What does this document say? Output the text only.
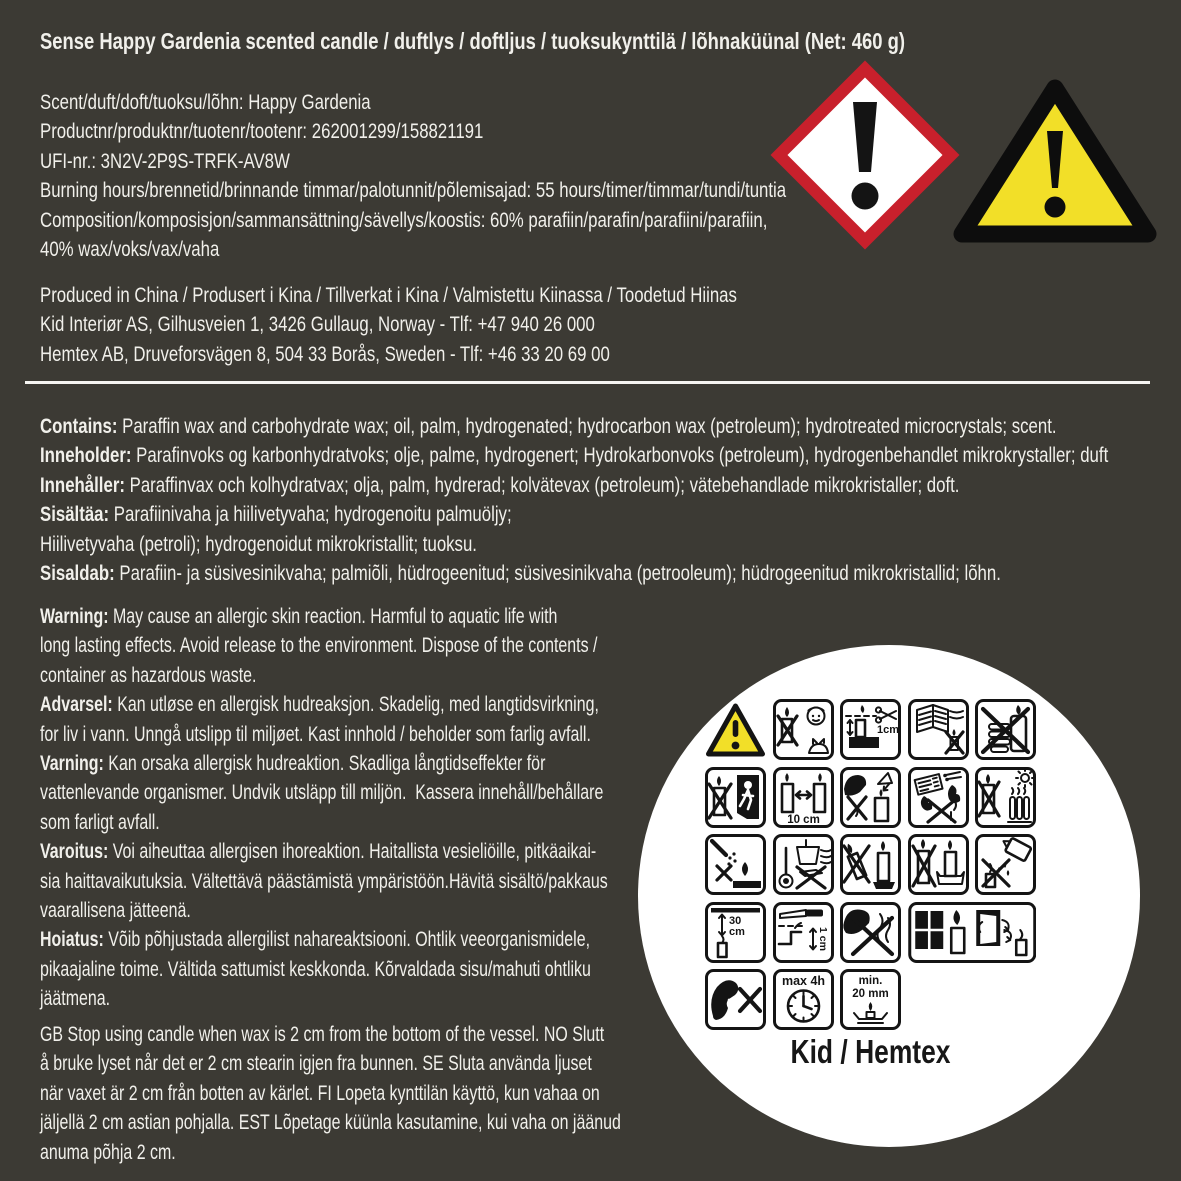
Sense Happy Gardenia scented candle / duftlys / doftljus / tuoksukynttilä / lõhnaküünal (Net: 460 g)
Scent/duft/doft/tuoksu/lõhn: Happy Gardenia
Productnr/produktnr/tuotenr/tootenr: 262001299/158821191
UFI-nr.: 3N2V-2P9S-TRFK-AV8W
Burning hours/brennetid/brinnande timmar/palotunnit/põlemisajad: 55 hours/timer/timmar/tundi/tuntia
Composition/komposisjon/sammansättning/sävellys/koostis: 60% parafiin/parafin/parafiini/parafiin,
40% wax/voks/vax/vaha
Produced in China / Produsert i Kina / Tillverkat i Kina / Valmistettu Kiinassa / Toodetud Hiinas
Kid Interiør AS, Gilhusveien 1, 3426 Gullaug, Norway - Tlf: +47 940 26 000
Hemtex AB, Druveforsvägen 8, 504 33 Borås, Sweden - Tlf: +46 33 20 69 00
Contains: Paraffin wax and carbohydrate wax; oil, palm, hydrogenated; hydrocarbon wax (petroleum); hydrotreated microcrystals; scent.
Inneholder: Parafinvoks og karbonhydratvoks; olje, palme, hydrogenert; Hydrokarbonvoks (petroleum), hydrogenbehandlet mikrokrystaller; duft
Innehåller: Paraffinvax och kolhydratvax; olja, palm, hydrerad; kolvätevax (petroleum); vätebehandlade mikrokristaller; doft.
Sisältäa: Parafiinivaha ja hiilivetyvaha; hydrogenoitu palmuöljy;
Hiilivetyvaha (petroli); hydrogenoidut mikrokristallit; tuoksu.
Sisaldab: Parafiin- ja süsivesinikvaha; palmiõli, hüdrogeenitud; süsivesinikvaha (petrooleum); hüdrogeenitud mikrokristallid; lõhn.
Warning: May cause an allergic skin reaction. Harmful to aquatic life with
long lasting effects. Avoid release to the environment. Dispose of the contents /
container as hazardous waste.
Advarsel: Kan utløse en allergisk hudreaksjon. Skadelig, med langtidsvirkning,
for liv i vann. Unngå utslipp til miljøet. Kast innhold / beholder som farlig avfall.
Varning: Kan orsaka allergisk hudreaktion. Skadliga långtidseffekter för
vattenlevande organismer. Undvik utsläpp till miljön.  Kassera innehåll/behållare
som farligt avfall.
Varoitus: Voi aiheuttaa allergisen ihoreaktion. Haitallista vesieliöille, pitkäaikai-
sia haittavaikutuksia. Vältettävä päästämistä ympäristöön.Hävitä sisältö/pakkaus
vaarallisena jätteenä.
Hoiatus: Võib põhjustada allergilist nahareaktsiooni. Ohtlik veeorganismidele,
pikaajaline toime. Vältida sattumist keskkonda. Kõrvaldada sisu/mahuti ohtliku
jäätmena.
GB Stop using candle when wax is 2 cm from the bottom of the vessel. NO Slutt
å bruke lyset når det er 2 cm stearin igjen fra bunnen. SE Sluta använda ljuset
när vaxet är 2 cm från botten av kärlet. FI Lopeta kynttilän käyttö, kun vahaa on
jäljellä 2 cm astian pohjalla. EST Lõpetage küünla kasutamine, kui vaha on jäänud
anuma põhja 2 cm.
1cm
10 cm
30
cm	1 cm
max 4h	min.
20 mm
Kid / Hemtex
